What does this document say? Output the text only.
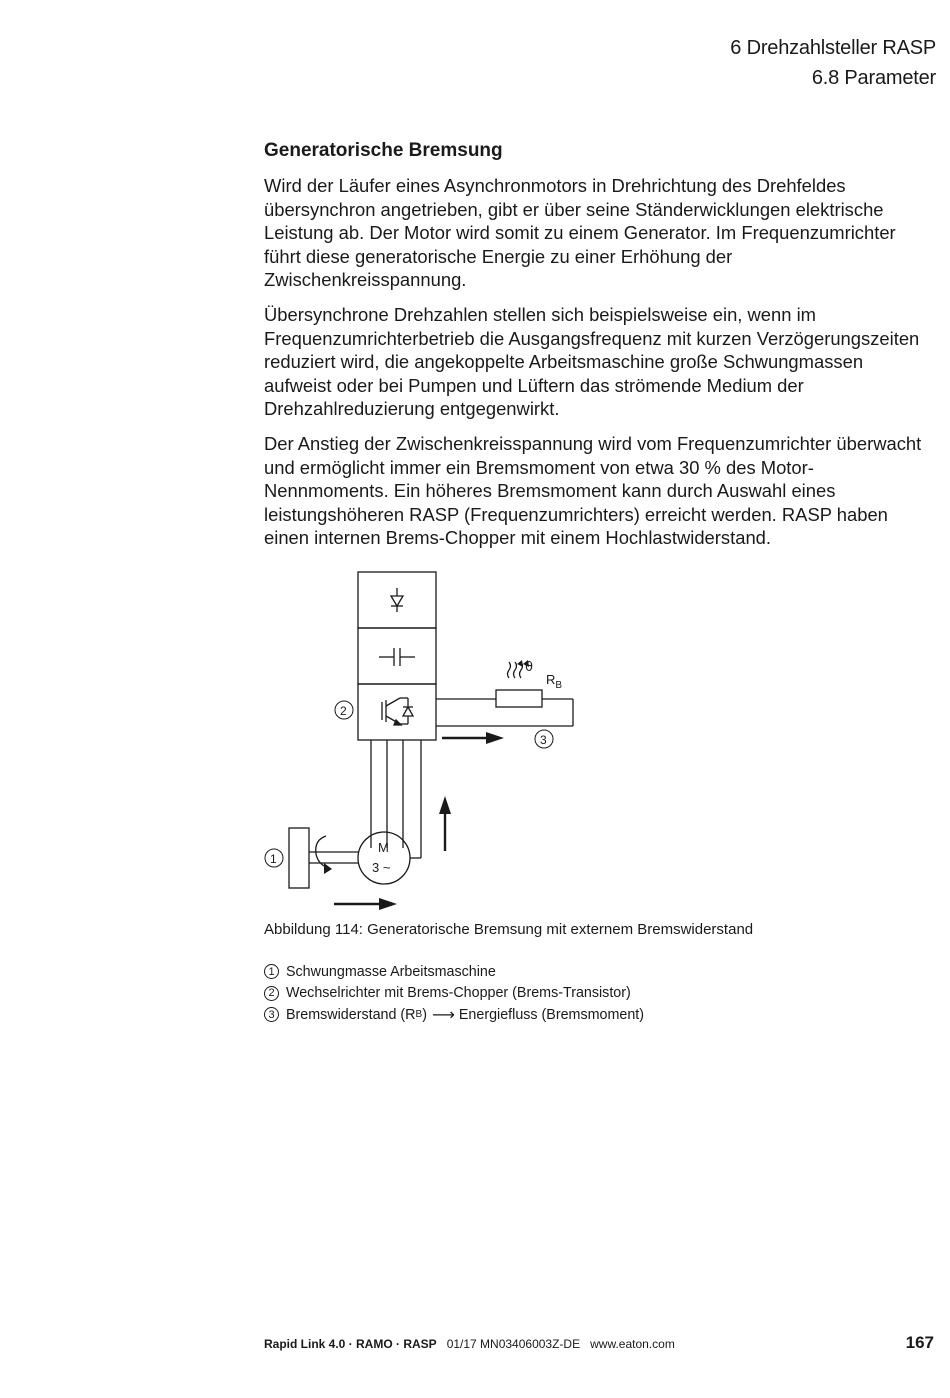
6 Drehzahlsteller RASP
6.8 Parameter
Generatorische Bremsung

Wird der Läufer eines Asynchronmotors in Drehrichtung des Drehfeldes übersynchron angetrieben, gibt er über seine Ständerwicklungen elektrische Leistung ab. Der Motor wird somit zu einem Generator. Im Frequenzumrichter führt diese generatorische Energie zu einer Erhöhung der Zwischenkreisspannung.

Übersynchrone Drehzahlen stellen sich beispielsweise ein, wenn im Frequenzumrichterbetrieb die Ausgangsfrequenz mit kurzen Verzögerungszeiten reduziert wird, die angekoppelte Arbeitsmaschine große Schwungmassen aufweist oder bei Pumpen und Lüftern das strömende Medium der Drehzahlreduzierung entgegenwirkt.

Der Anstieg der Zwischenkreisspannung wird vom Frequenzumrichter überwacht und ermöglicht immer ein Bremsmoment von etwa 30 % des Motor-Nennmoments. Ein höheres Bremsmoment kann durch Auswahl eines leistungshöheren RASP (Frequenzumrichters) erreicht werden. RASP haben einen internen Brems-Chopper mit einem Hochlastwiderstand.

M
3 ~
ϑ
$R_B$
2
3
1
Abbildung 114: Generatorische Bremsung mit externem Bremswiderstand
1 Schwungmasse Arbeitsmaschine
2 Wechselrichter mit Brems-Chopper (Brems-Transistor)
3 Bremswiderstand (R B ) ⟶ Energiefluss (Bremsmoment)
Rapid Link 4.0 · RAMO · RASP 01/17 MN03406003Z-DE www.eaton.com	167
